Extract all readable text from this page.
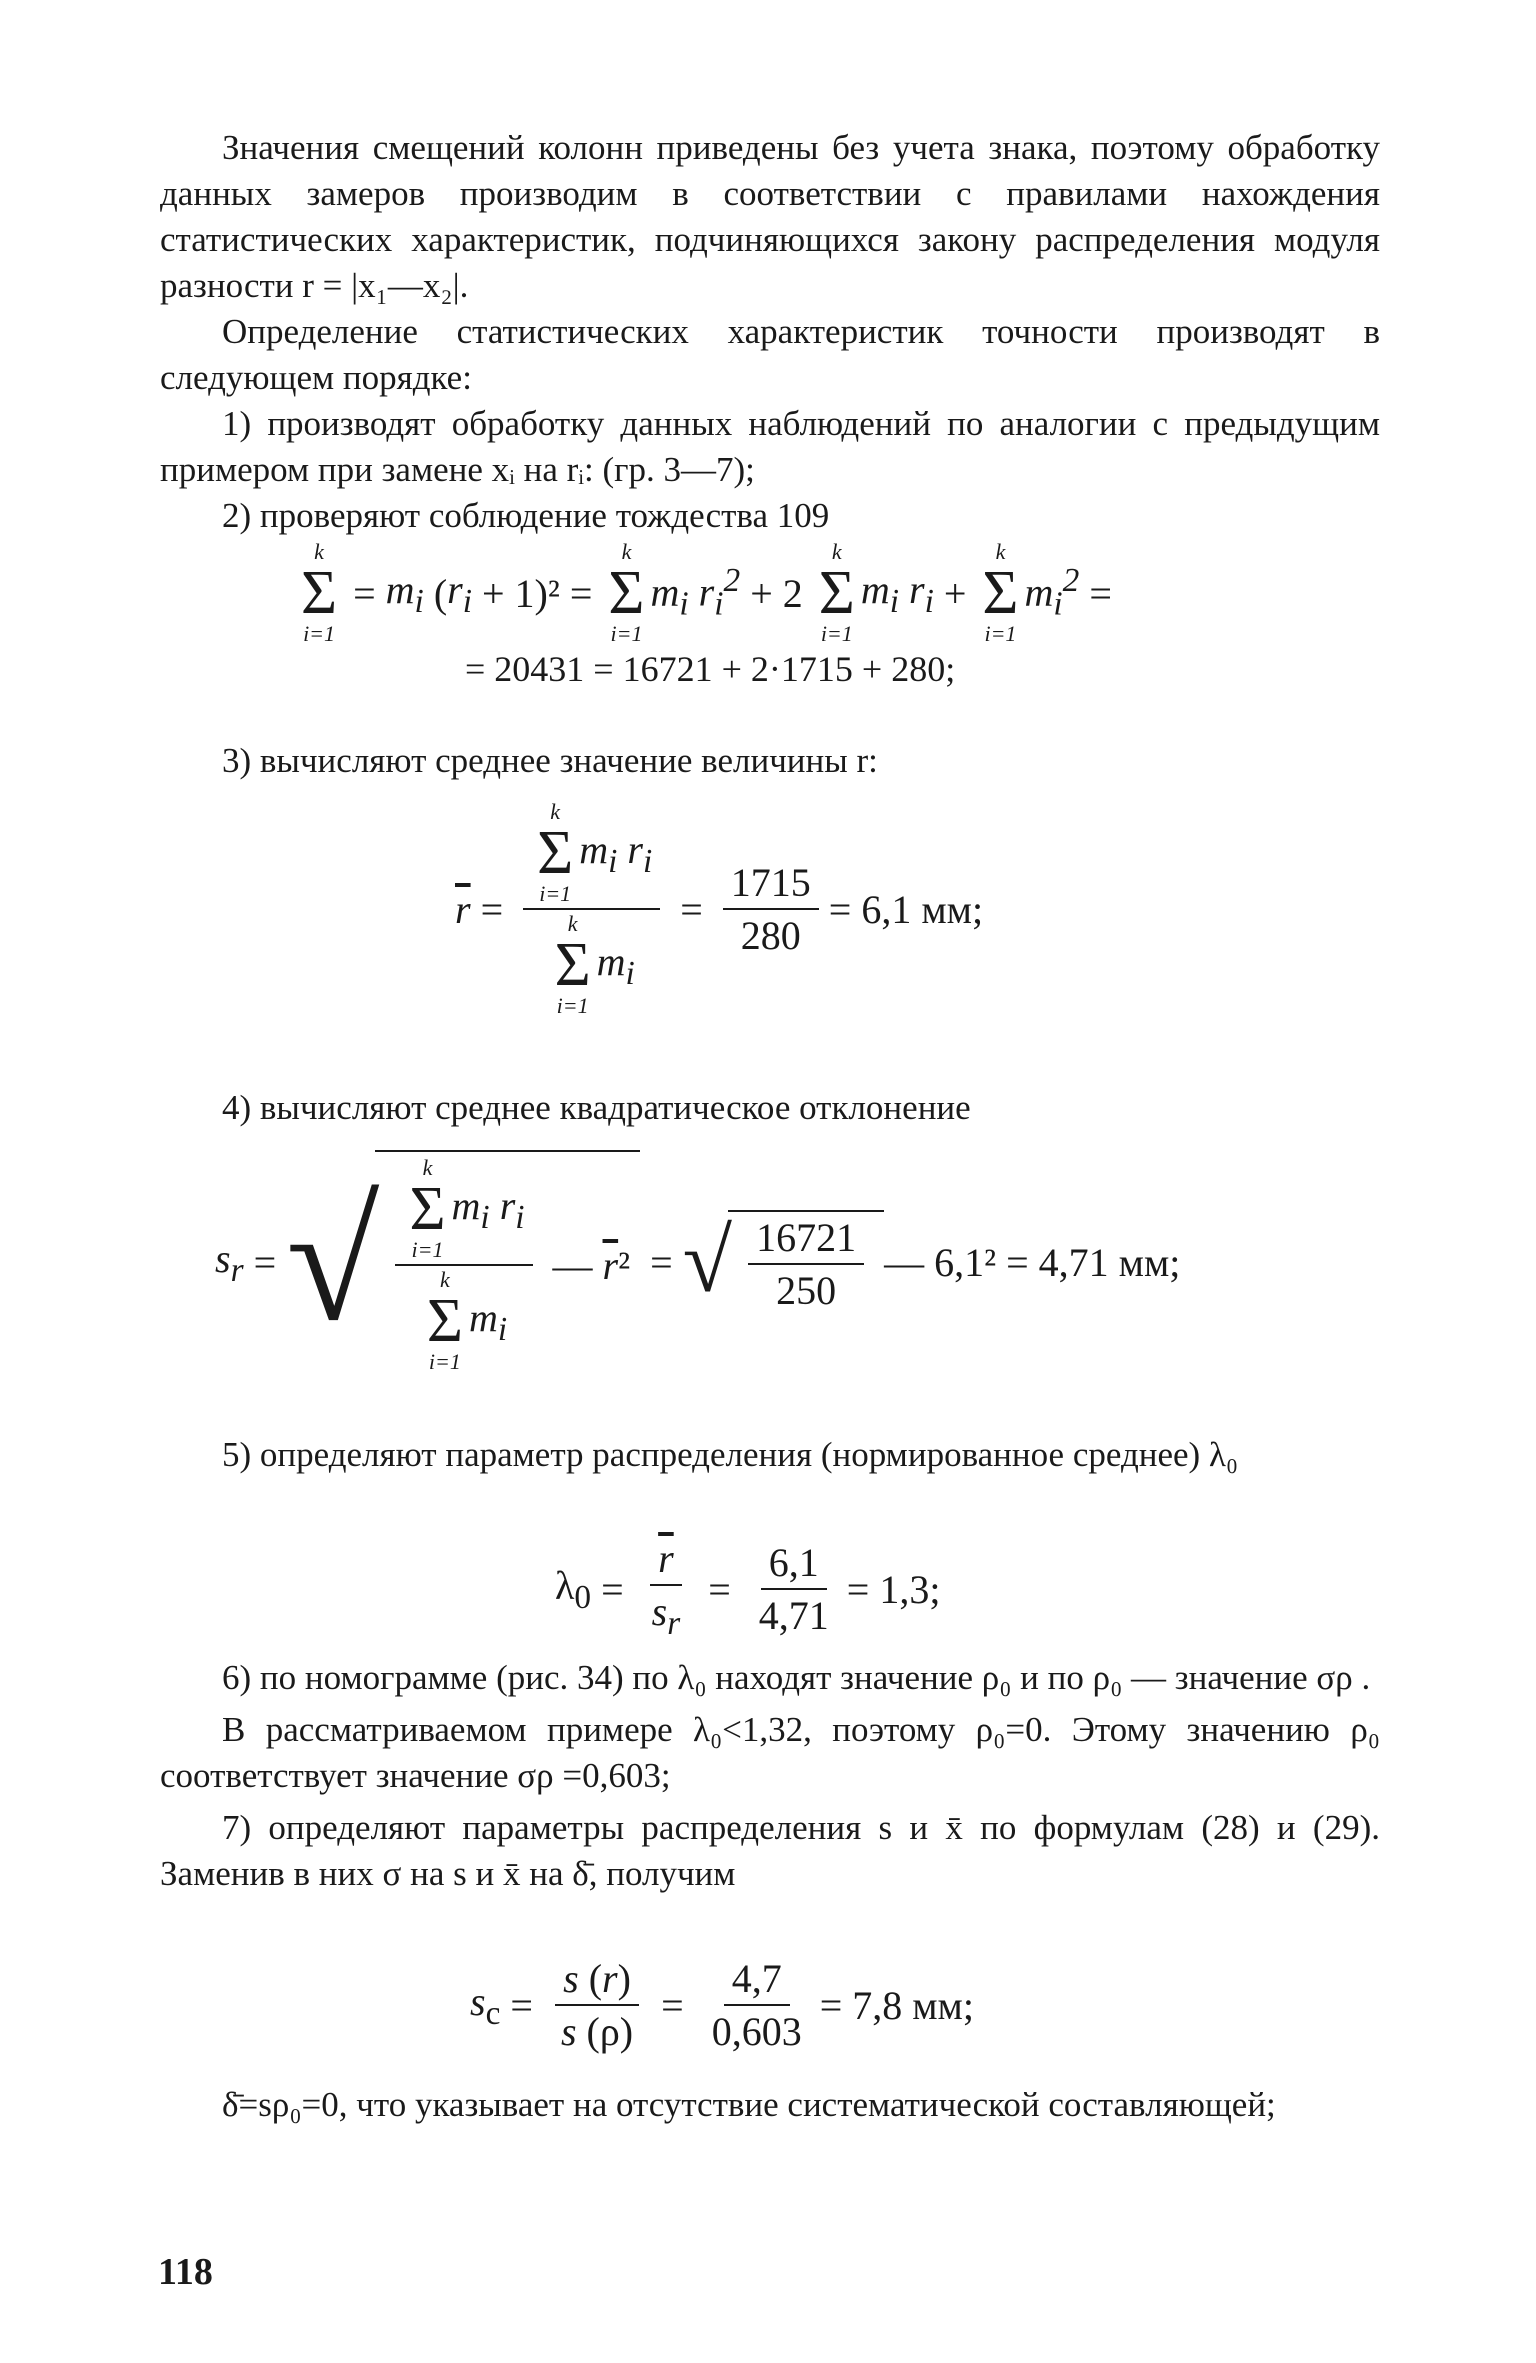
Значения смещений колонн приведены без учета знака, поэтому обработку данных замеров производим в соответствии с правилами нахождения статистических характеристик, подчиняющихся закону распределения модуля разности r = |x₁—x₂|.

Определение статистических характеристик точности производят в следующем порядке:

1) производят обработку данных наблюдений по аналогии с предыдущим примером при замене xᵢ на rᵢ: (гр. 3—7);

2) проверяют соблюдение тождества 109

k
Σ
i=1
= $m_i$ ( $r_i + 1)^2$ =
k
Σ
i=1
$m_i$ $r_i^2 + 2$
k
Σ
i=1
$m_i$ $r_i$ +
k
Σ
i=1
$m_i^2$ =
= 20431 = 16721 + 2·1715 + 280;

3) вычисляют среднее значение величины r:

$\overline{r} = k$
Σ
i=1
$m_i$ $r_i$
k
Σ
i=1
$m_i = \frac{1715}{280} = 6,1$ мм;

4) вычисляют среднее квадратическое отклонение

$s_r$ = √ k
Σ
i=1
$m_i$ $r_i$
k
Σ
i=1
$m_i$ — $\overline{r}$ ² = √ $\frac{16721}{250}$ — 6,1² = 4,71 мм;

5) определяют параметр распределения (нормированное среднее) λ₀

$\lambda_0 = \frac{\overline{r}}{s_r} = \frac{6,1}{4,71} = 1,3$;

6) по номограмме (рис. 34) по λ₀ находят значение ρ₀ и по ρ₀ — значение σρ .

В рассматриваемом примере λ₀<1,32, поэтому ρ₀=0. Этому значению ρ₀ соответствует значение σρ =0,603;

7) определяют параметры распределения s и x̄ по формулам (28) и (29). Заменив в них σ на s и x̄ на δ̄, получим

$s_c = \frac{s (r)}{s (\rho)} = \frac{4,7}{0,603} = 7,8$ мм;

δ̄=sρ₀=0, что указывает на отсутствие систематической составляющей;

118
